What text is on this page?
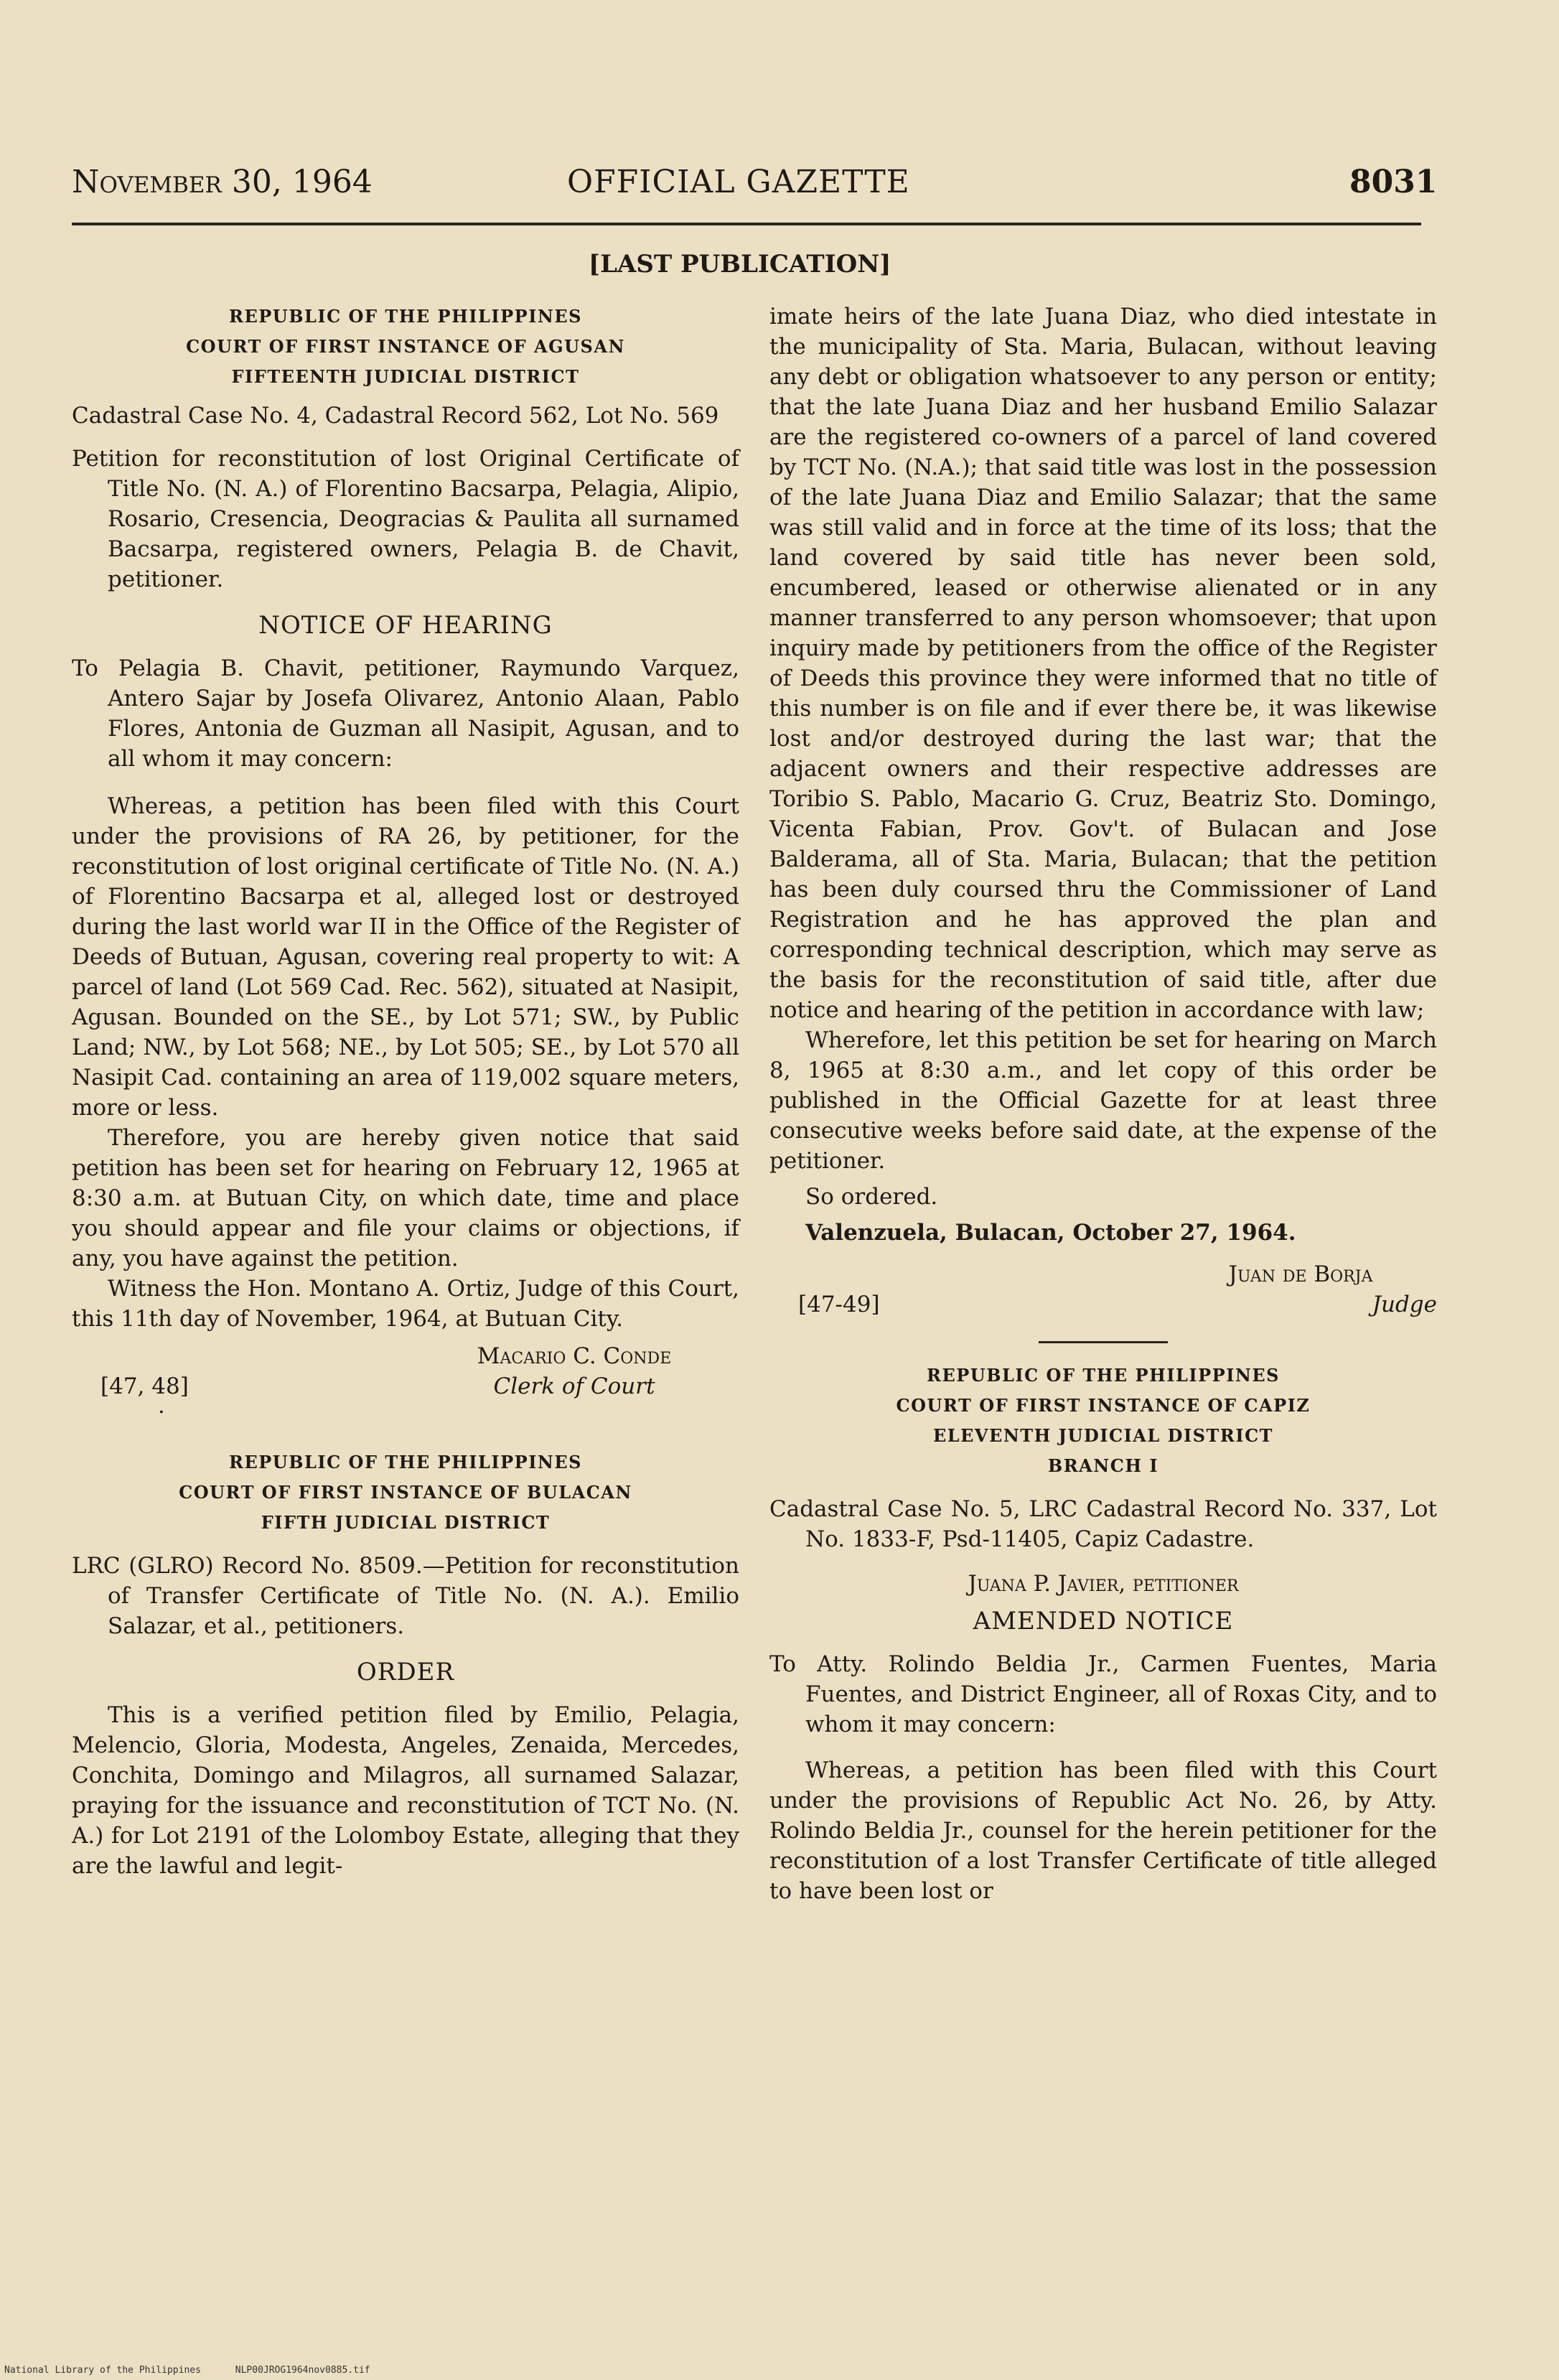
November 30, 1964	OFFICIAL GAZETTE	8031
[LAST PUBLICATION]
REPUBLIC OF THE PHILIPPINES
COURT OF FIRST INSTANCE OF AGUSAN
FIFTEENTH JUDICIAL DISTRICT

Cadastral Case No. 4, Cadastral Record 562, Lot No. 569

Petition for reconstitution of lost Original Certificate of Title No. (N. A.) of Florentino Bacsarpa, Pelagia, Alipio, Rosario, Cresencia, Deogracias & Paulita all surnamed Bacsarpa, registered owners, Pelagia B. de Chavit, petitioner.

NOTICE OF HEARING

To Pelagia B. Chavit, petitioner, Raymundo Varquez, Antero Sajar by Josefa Olivarez, Antonio Alaan, Pablo Flores, Antonia de Guzman all Nasipit, Agusan, and to all whom it may concern:

Whereas, a petition has been filed with this Court under the provisions of RA 26, by petitioner, for the reconstitution of lost original certificate of Title No. (N. A.) of Florentino Bacsarpa et al, alleged lost or destroyed during the last world war II in the Office of the Register of Deeds of Butuan, Agusan, covering real property to wit: A parcel of land (Lot 569 Cad. Rec. 562), situated at Nasipit, Agusan. Bounded on the SE., by Lot 571; SW., by Public Land; NW., by Lot 568; NE., by Lot 505; SE., by Lot 570 all Nasipit Cad. containing an area of 119,002 square meters, more or less.

Therefore, you are hereby given notice that said petition has been set for hearing on February 12, 1965 at 8:30 a.m. at Butuan City, on which date, time and place you should appear and file your claims or objections, if any, you have against the petition.

Witness the Hon. Montano A. Ortiz, Judge of this Court, this 11th day of November, 1964, at Butuan City.

[47, 48]
Macario C. Conde
Clerk of Court
·
REPUBLIC OF THE PHILIPPINES
COURT OF FIRST INSTANCE OF BULACAN
FIFTH JUDICIAL DISTRICT

LRC (GLRO) Record No. 8509.—Petition for reconstitution of Transfer Certificate of Title No. (N. A.). Emilio Salazar, et al., petitioners.

ORDER

This is a verified petition filed by Emilio, Pelagia, Melencio, Gloria, Modesta, Angeles, Zenaida, Mercedes, Conchita, Domingo and Milagros, all surnamed Salazar, praying for the issuance and reconstitution of TCT No. (N. A.) for Lot 2191 of the Lolomboy Estate, alleging that they are the lawful and legit-

imate heirs of the late Juana Diaz, who died intestate in the municipality of Sta. Maria, Bulacan, without leaving any debt or obligation whatsoever to any person or entity; that the late Juana Diaz and her husband Emilio Salazar are the registered co-owners of a parcel of land covered by TCT No. (N.A.); that said title was lost in the possession of the late Juana Diaz and Emilio Salazar; that the same was still valid and in force at the time of its loss; that the land covered by said title has never been sold, encumbered, leased or otherwise alienated or in any manner transferred to any person whomsoever; that upon inquiry made by petitioners from the office of the Register of Deeds this province they were informed that no title of this number is on file and if ever there be, it was likewise lost and/or destroyed during the last war; that the adjacent owners and their respective addresses are Toribio S. Pablo, Macario G. Cruz, Beatriz Sto. Domingo, Vicenta Fabian, Prov. Gov't. of Bulacan and Jose Balderama, all of Sta. Maria, Bulacan; that the petition has been duly coursed thru the Commissioner of Land Registration and he has approved the plan and corresponding technical description, which may serve as the basis for the reconstitution of said title, after due notice and hearing of the petition in accordance with law;

Wherefore, let this petition be set for hearing on March 8, 1965 at 8:30 a.m., and let copy of this order be published in the Official Gazette for at least three consecutive weeks before said date, at the expense of the petitioner.

So ordered.

Valenzuela, Bulacan, October 27, 1964.

[47-49]
Juan de Borja
Judge
REPUBLIC OF THE PHILIPPINES
COURT OF FIRST INSTANCE OF CAPIZ
ELEVENTH JUDICIAL DISTRICT
BRANCH I

Cadastral Case No. 5, LRC Cadastral Record No. 337, Lot No. 1833-F, Psd-11405, Capiz Cadastre.

Juana P. Javier, petitioner
AMENDED NOTICE

To Atty. Rolindo Beldia Jr., Carmen Fuentes, Maria Fuentes, and District Engineer, all of Roxas City, and to whom it may concern:

Whereas, a petition has been filed with this Court under the provisions of Republic Act No. 26, by Atty. Rolindo Beldia Jr., counsel for the herein petitioner for the reconstitution of a lost Transfer Certificate of title alleged to have been lost or

National Library of the Philippines	NLP00JROG1964nov0885.tif
